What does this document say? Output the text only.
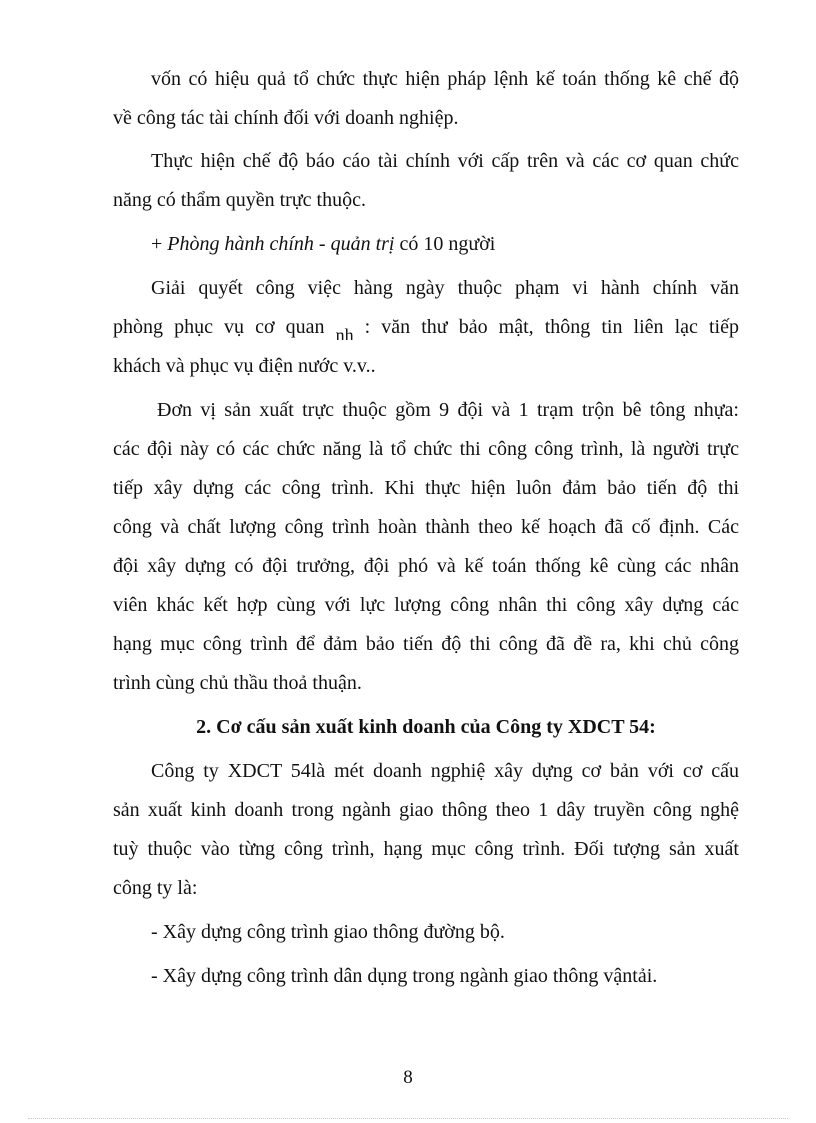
vốn có hiệu quả tổ chức thực hiện pháp lệnh kế toán thống kê chế độ
về công tác tài chính đối với doanh nghiệp.
Thực hiện chế độ báo cáo tài chính với cấp trên và các cơ quan chức
năng có thẩm quyền trực thuộc.
+ Phòng hành chính - quản trị có 10 người
Giải quyết công việc hàng ngày thuộc phạm vi hành chính văn
phòng phục vụ cơ quan nh : văn thư bảo mật, thông tin liên lạc tiếp
khách và phục vụ điện nước v.v..
Đơn vị sản xuất trực thuộc gồm 9 đội và 1 trạm trộn bê tông nhựa:
các đội này có các chức năng là tổ chức thi công công trình, là người trực
tiếp xây dựng các công trình. Khi thực hiện luôn đảm bảo tiến độ thi
công và chất lượng công trình hoàn thành theo kế hoạch đã cố định. Các
đội xây dựng có đội trưởng, đội phó và kế toán thống kê cùng các nhân
viên khác kết hợp cùng với lực lượng công nhân thi công xây dựng các
hạng mục công trình để đảm bảo tiến độ thi công đã đề ra, khi chủ công
trình cùng chủ thầu thoả thuận.
2. Cơ cấu sản xuất kinh doanh của Công ty XDCT 54:
Công ty XDCT 54là mét doanh ngphiệ xây dựng cơ bản với cơ cấu
sản xuất kinh doanh trong ngành giao thông theo 1 dây truyền công nghệ
tuỳ thuộc vào từng công trình, hạng mục công trình. Đối tượng sản xuất
công ty là:
- Xây dựng công trình giao thông đường bộ.
- Xây dựng công trình dân dụng trong ngành giao thông vậntải.
8
